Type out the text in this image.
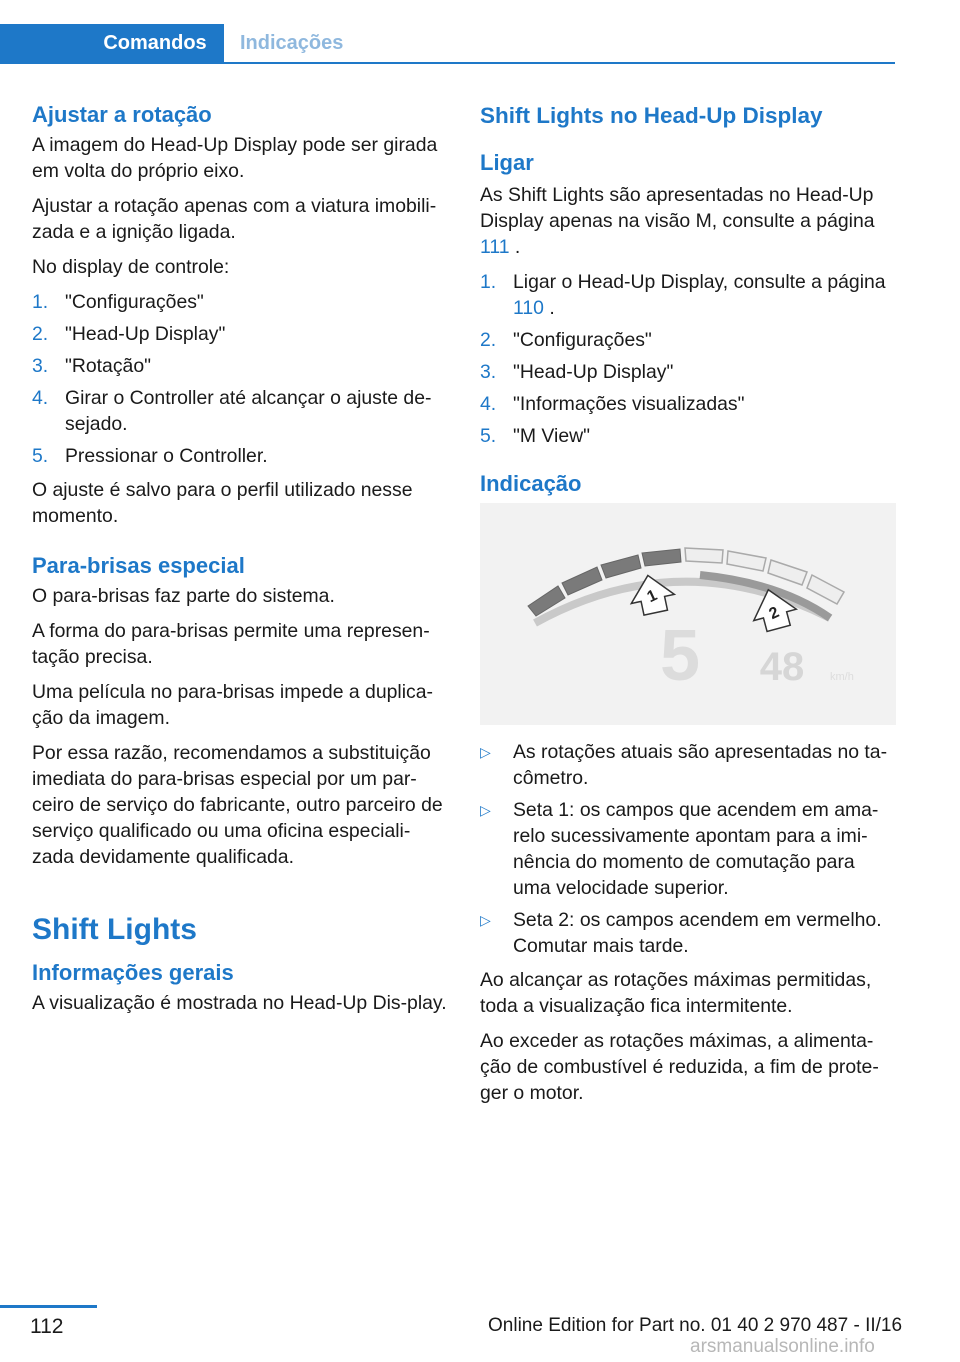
Comandos	Indicações
Ajustar a rotação

A imagem do Head-Up Display pode ser girada em volta do próprio eixo.

Ajustar a rotação apenas com a viatura imobili‐zada e a ignição ligada.

No display de controle:

1. "Configurações"
2. "Head-Up Display"
3. "Rotação"
4. Girar o Controller até alcançar o ajuste de‐sejado.
5. Pressionar o Controller.

O ajuste é salvo para o perfil utilizado nesse momento.

Para-brisas especial

O para-brisas faz parte do sistema.

A forma do para-brisas permite uma represen‐tação precisa.

Uma película no para-brisas impede a duplica‐ção da imagem.

Por essa razão, recomendamos a substituição imediata do para-brisas especial por um par‐ceiro de serviço do fabricante, outro parceiro de serviço qualificado ou uma oficina especiali‐zada devidamente qualificada.

Shift Lights
Informações gerais

A visualização é mostrada no Head-Up Dis‐play.

Shift Lights no Head-Up Display
Ligar

As Shift Lights são apresentadas no Head-Up Display apenas na visão M, consulte a página 111 .

1. Ligar o Head-Up Display, consulte a página 110 .
2. "Configurações"
3. "Head-Up Display"
4. "Informações visualizadas"
5. "M View"
Indicação
5 48 km/h
1
2
▷	As rotações atuais são apresentadas no ta‐cômetro.
▷	Seta 1: os campos que acendem em ama‐relo sucessivamente apontam para a imi‐nência do momento de comutação para uma velocidade superior.
▷	Seta 2: os campos acendem em vermelho. Comutar mais tarde.

Ao alcançar as rotações máximas permitidas, toda a visualização fica intermitente.

Ao exceder as rotações máximas, a alimenta‐ção de combustível é reduzida, a fim de prote‐ger o motor.

112	Online Edition for Part no. 01 40 2 970 487 - II/16
arsmanualsonline.info
